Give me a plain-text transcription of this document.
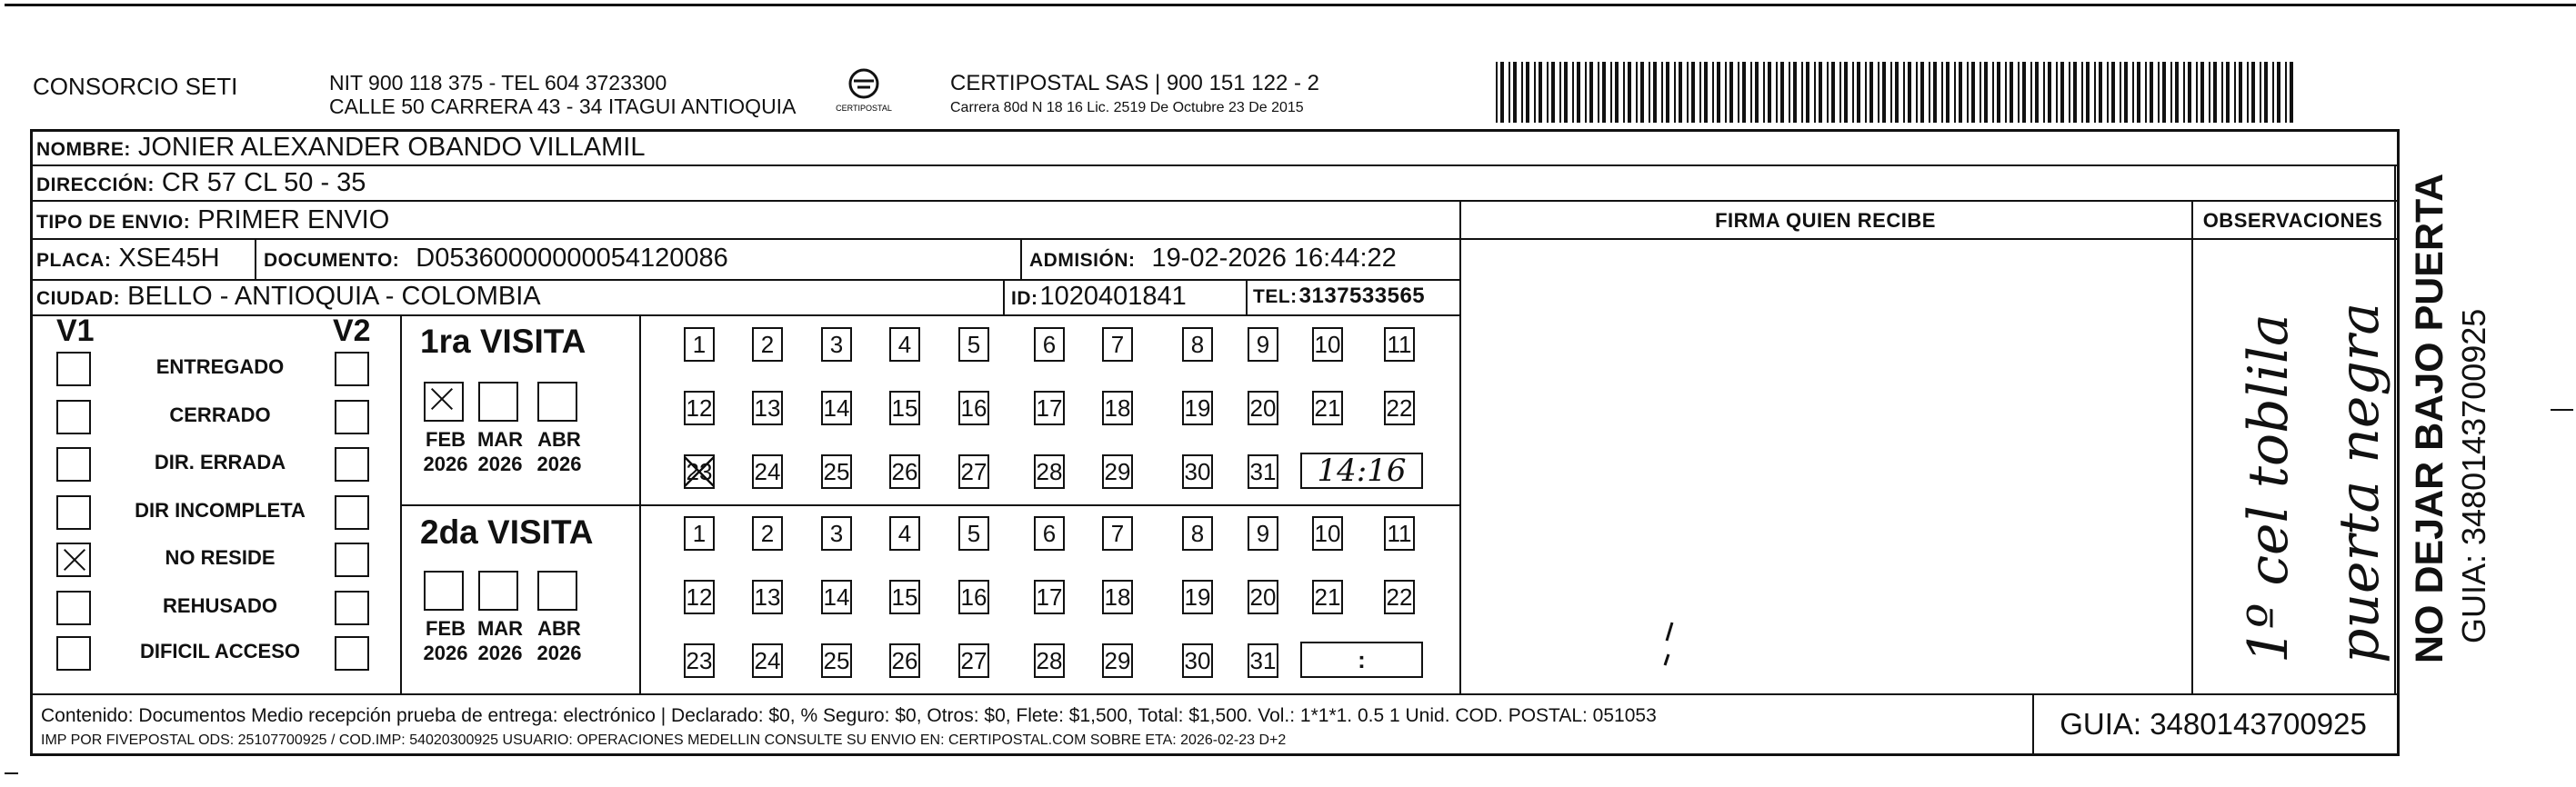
CONSORCIO SETI	NIT 900 118 375 - TEL 604 3723300
CALLE 50 CARRERA 43 - 34 ITAGUI ANTIOQUIA	CERTIPOSTAL
CERTIPOSTAL SAS | 900 151 122 - 2
Carrera 80d N 18 16 Lic. 2519 De Octubre 23 De 2015
NOMBRE: JONIER ALEXANDER OBANDO VILLAMIL
DIRECCIÓN: CR 57 CL 50 - 35
TIPO DE ENVIO: PRIMER ENVIO
PLACA: XSE45H DOCUMENTO: D05360000000054120086	ADMISIÓN: 19-02-2026 16:44:22
CIUDAD: BELLO - ANTIOQUIA - COLOMBIA	ID: 1020401841	TEL: 3137533565
FIRMA QUIEN RECIBE	OBSERVACIONES
1º cel toblila puerta negra
V1	V2
ENTREGADO
CERRADO
DIR. ERRADA
DIR INCOMPLETA
NO RESIDE
REHUSADO
DIFICIL ACCESO
1ra VISITA
FEB
2026
MAR
2026
ABR
2026
1	2	3	4	5	6	7	8	9	10 11
12 13 14 15 16 17 18 19 20 21 22
23 24 25 26 27 28 29 30 31	14:16
2da VISITA
FEB
2026
MAR
2026
ABR
2026
1	2	3	4	5	6	7	8	9	10 11
12 13 14 15 16 17 18 19 20 21 22
23 24 25 26 27 28 29 30 31	:
Contenido: Documentos Medio recepción prueba de entrega: electrónico | Declarado: $0, % Seguro: $0, Otros: $0, Flete: $1,500, Total: $1,500. Vol.: 1*1*1. 0.5 1 Unid. COD. POSTAL: 051053
IMP POR FIVEPOSTAL ODS: 25107700925 / COD.IMP: 54020300925 USUARIO: OPERACIONES MEDELLIN CONSULTE SU ENVIO EN: CERTIPOSTAL.COM SOBRE ETA: 2026-02-23 D+2	GUIA: 3480143700925
NO DEJAR BAJO PUERTA GUIA: 3480143700925
